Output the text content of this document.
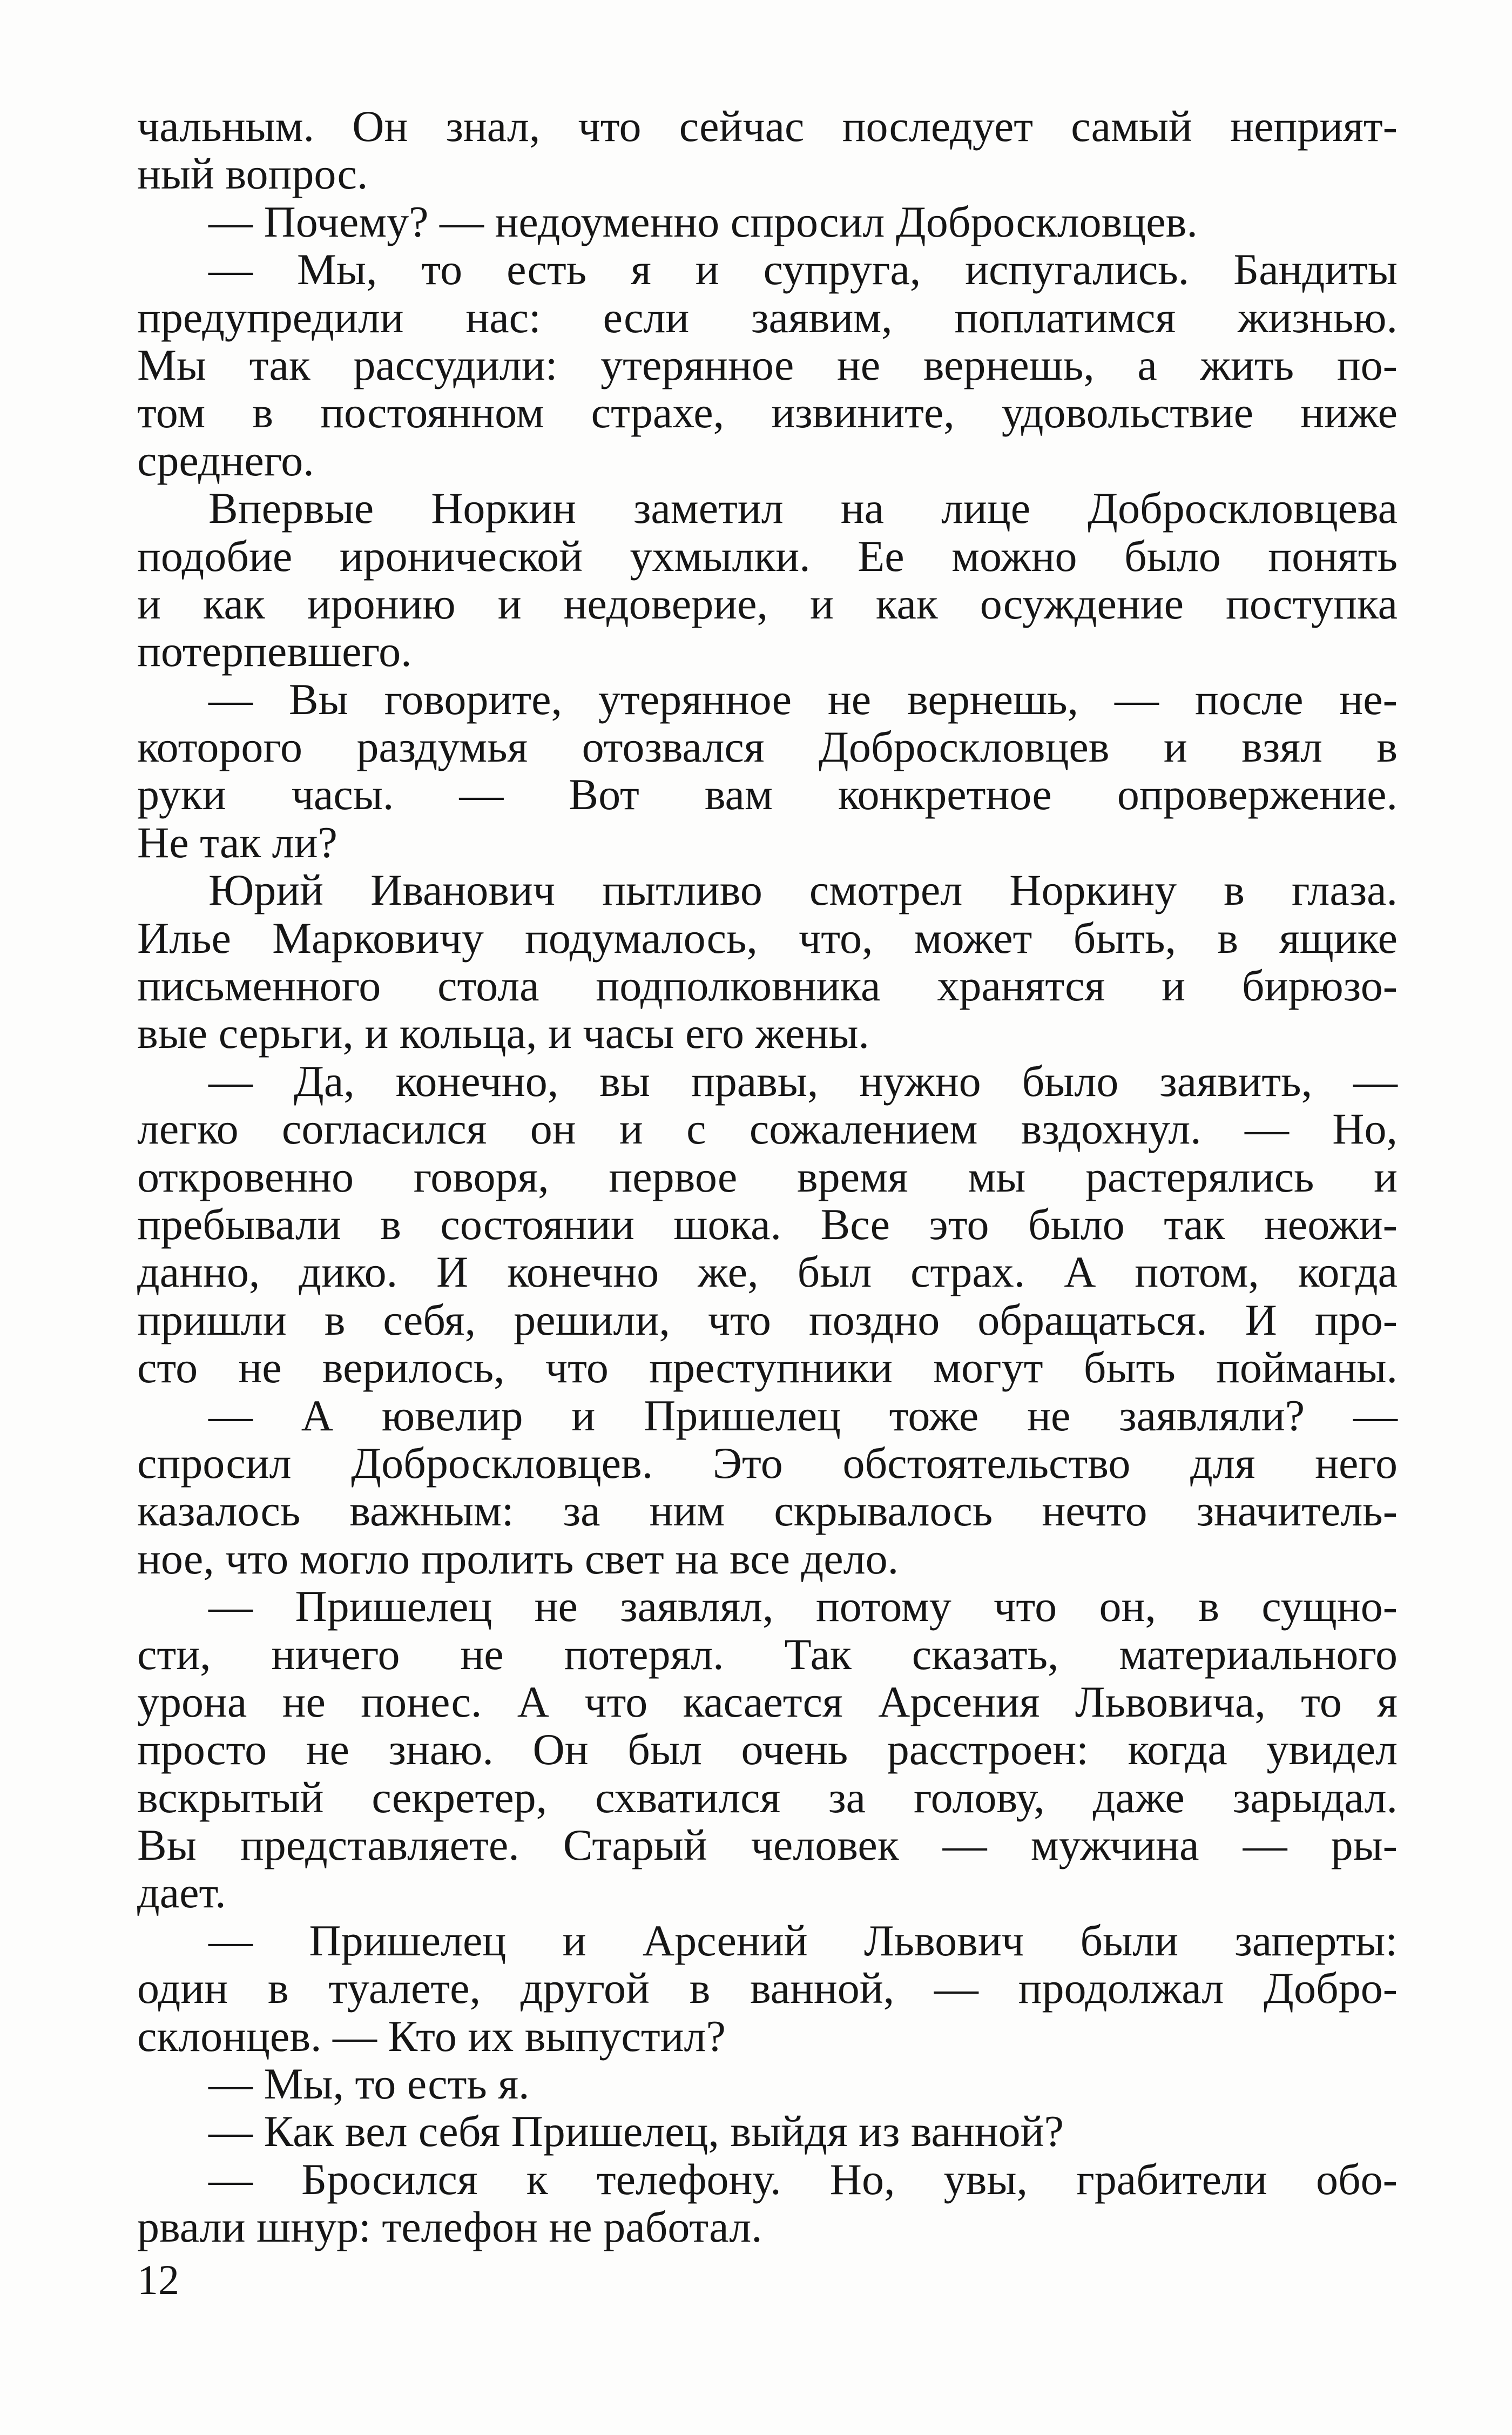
чальным. Он знал, что сейчас последует самый неприят-
ный вопрос.
— Почему? — недоуменно спросил Доброскловцев.
— Мы, то есть я и супруга, испугались. Бандиты
предупредили нас: если заявим, поплатимся жизнью.
Мы так рассудили: утерянное не вернешь, а жить по-
том в постоянном страхе, извините, удовольствие ниже
среднего.
Впервые Норкин заметил на лице Доброскловцева
подобие иронической ухмылки. Ее можно было понять
и как иронию и недоверие, и как осуждение поступка
потерпевшего.
— Вы говорите, утерянное не вернешь, — после не-
которого раздумья отозвался Доброскловцев и взял в
руки часы. — Вот вам конкретное опровержение.
Не так ли?
Юрий Иванович пытливо смотрел Норкину в глаза.
Илье Марковичу подумалось, что, может быть, в ящике
письменного стола подполковника хранятся и бирюзо-
вые серьги, и кольца, и часы его жены.
— Да, конечно, вы правы, нужно было заявить, —
легко согласился он и с сожалением вздохнул. — Но,
откровенно говоря, первое время мы растерялись и
пребывали в состоянии шока. Все это было так неожи-
данно, дико. И конечно же, был страх. А потом, когда
пришли в себя, решили, что поздно обращаться. И про-
сто не верилось, что преступники могут быть пойманы.
— А ювелир и Пришелец тоже не заявляли? —
спросил Доброскловцев. Это обстоятельство для него
казалось важным: за ним скрывалось нечто значитель-
ное, что могло пролить свет на все дело.
— Пришелец не заявлял, потому что он, в сущно-
сти, ничего не потерял. Так сказать, материального
урона не понес. А что касается Арсения Львовича, то я
просто не знаю. Он был очень расстроен: когда увидел
вскрытый секретер, схватился за голову, даже зарыдал.
Вы представляете. Старый человек — мужчина — ры-
дает.
— Пришелец и Арсений Львович были заперты:
один в туалете, другой в ванной, — продолжал Добро-
склонцев. — Кто их выпустил?
— Мы, то есть я.
— Как вел себя Пришелец, выйдя из ванной?
— Бросился к телефону. Но, увы, грабители обо-
рвали шнур: телефон не работал.
12
